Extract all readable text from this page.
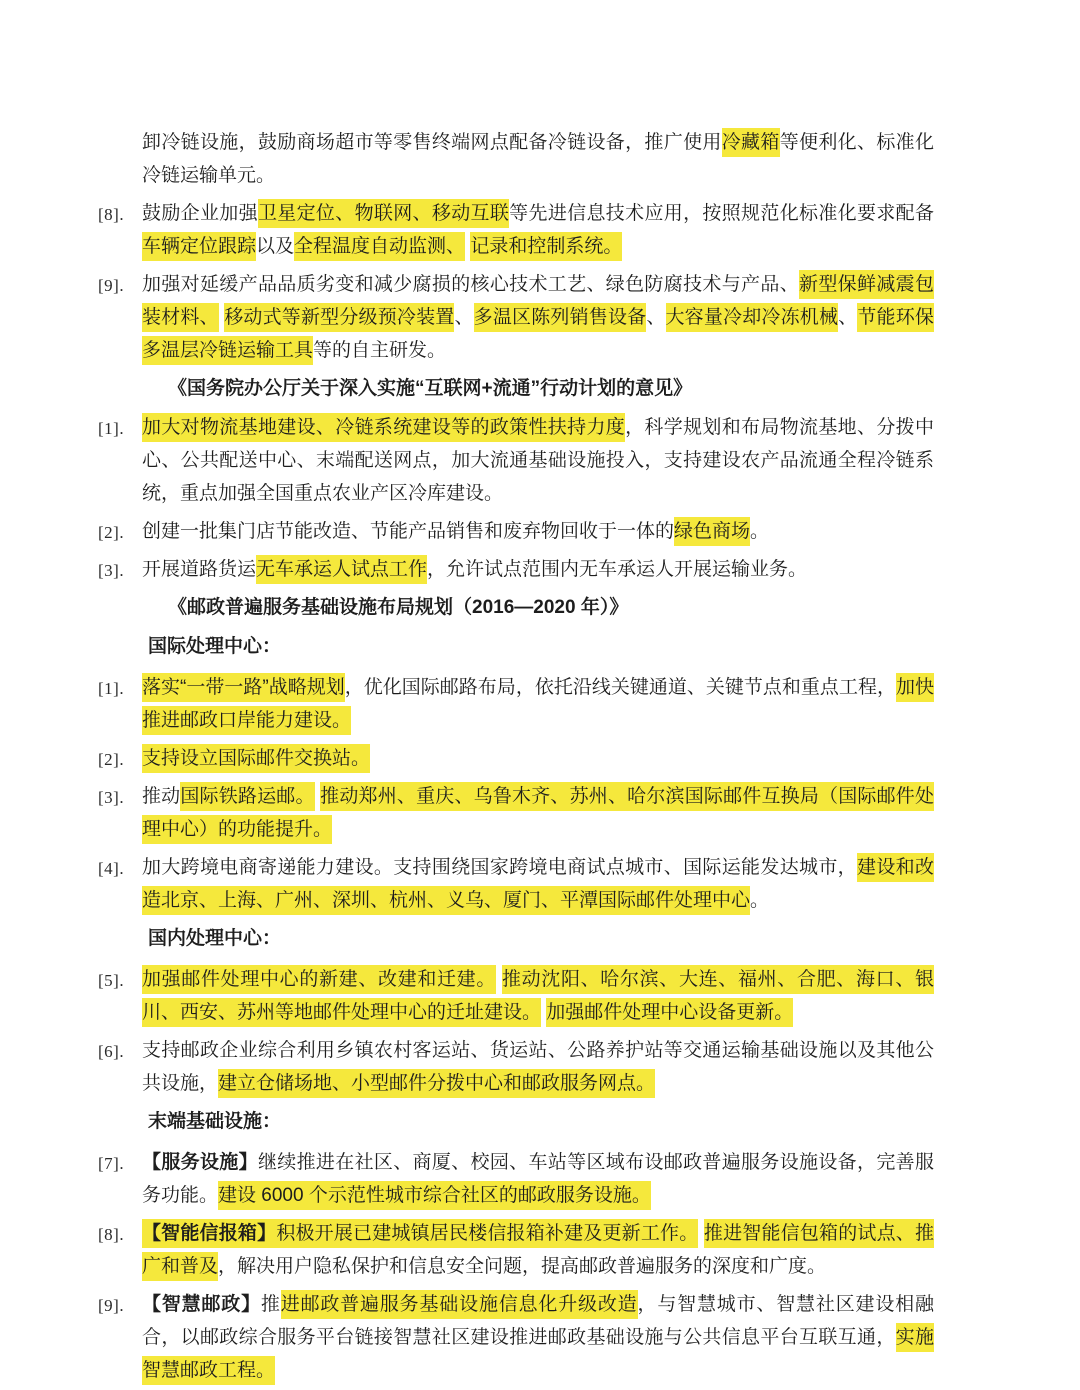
卸冷链设施，鼓励商场超市等零售终端网点配备冷链设备，推广使用冷藏箱等便利化、标准化冷链运输单元。
[8]. 鼓励企业加强卫星定位、物联网、移动互联等先进信息技术应用，按照规范化标准化要求配备车辆定位跟踪以及全程温度自动监测、 记录和控制系统。
[9]. 加强对延缓产品品质劣变和减少腐损的核心技术工艺、绿色防腐技术与产品、新型保鲜减震包装材料、 移动式等新型分级预冷装置、多温区陈列销售设备、大容量冷却冷冻机械、节能环保多温层冷链运输工具等的自主研发。
《国务院办公厅关于深入实施“互联网+流通”行动计划的意见》
[1]. 加大对物流基地建设、冷链系统建设等的政策性扶持力度，科学规划和布局物流基地、分拨中心、公共配送中心、末端配送网点，加大流通基础设施投入，支持建设农产品流通全程冷链系统，重点加强全国重点农业产区冷库建设。
[2]. 创建一批集门店节能改造、节能产品销售和废弃物回收于一体的绿色商场。
[3]. 开展道路货运无车承运人试点工作，允许试点范围内无车承运人开展运输业务。
《邮政普遍服务基础设施布局规划（2016—2020 年）》
国际处理中心：
[1]. 落实“一带一路”战略规划，优化国际邮路布局，依托沿线关键通道、关键节点和重点工程，加快推进邮政口岸能力建设。
[2]. 支持设立国际邮件交换站。
[3]. 推动国际铁路运邮。 推动郑州、重庆、乌鲁木齐、苏州、哈尔滨国际邮件互换局（国际邮件处理中心）的功能提升。
[4]. 加大跨境电商寄递能力建设。支持围绕国家跨境电商试点城市、国际运能发达城市，建设和改造北京、上海、广州、深圳、杭州、义乌、厦门、平潭国际邮件处理中心。
国内处理中心：
[5]. 加强邮件处理中心的新建、改建和迁建。 推动沈阳、哈尔滨、大连、福州、合肥、海口、银川、西安、苏州等地邮件处理中心的迁址建设。 加强邮件处理中心设备更新。
[6]. 支持邮政企业综合利用乡镇农村客运站、货运站、公路养护站等交通运输基础设施以及其他公共设施，建立仓储场地、小型邮件分拨中心和邮政服务网点。
末端基础设施：
[7]. 【服务设施】继续推进在社区、商厦、校园、车站等区域布设邮政普遍服务设施设备，完善服务功能。建设 6000 个示范性城市综合社区的邮政服务设施。
[8]. 【智能信报箱】积极开展已建城镇居民楼信报箱补建及更新工作。 推进智能信包箱的试点、推广和普及，解决用户隐私保护和信息安全问题，提高邮政普遍服务的深度和广度。
[9]. 【智慧邮政】推进邮政普遍服务基础设施信息化升级改造，与智慧城市、智慧社区建设相融合，以邮政综合服务平台链接智慧社区建设推进邮政基础设施与公共信息平台互联互通，实施智慧邮政工程。
